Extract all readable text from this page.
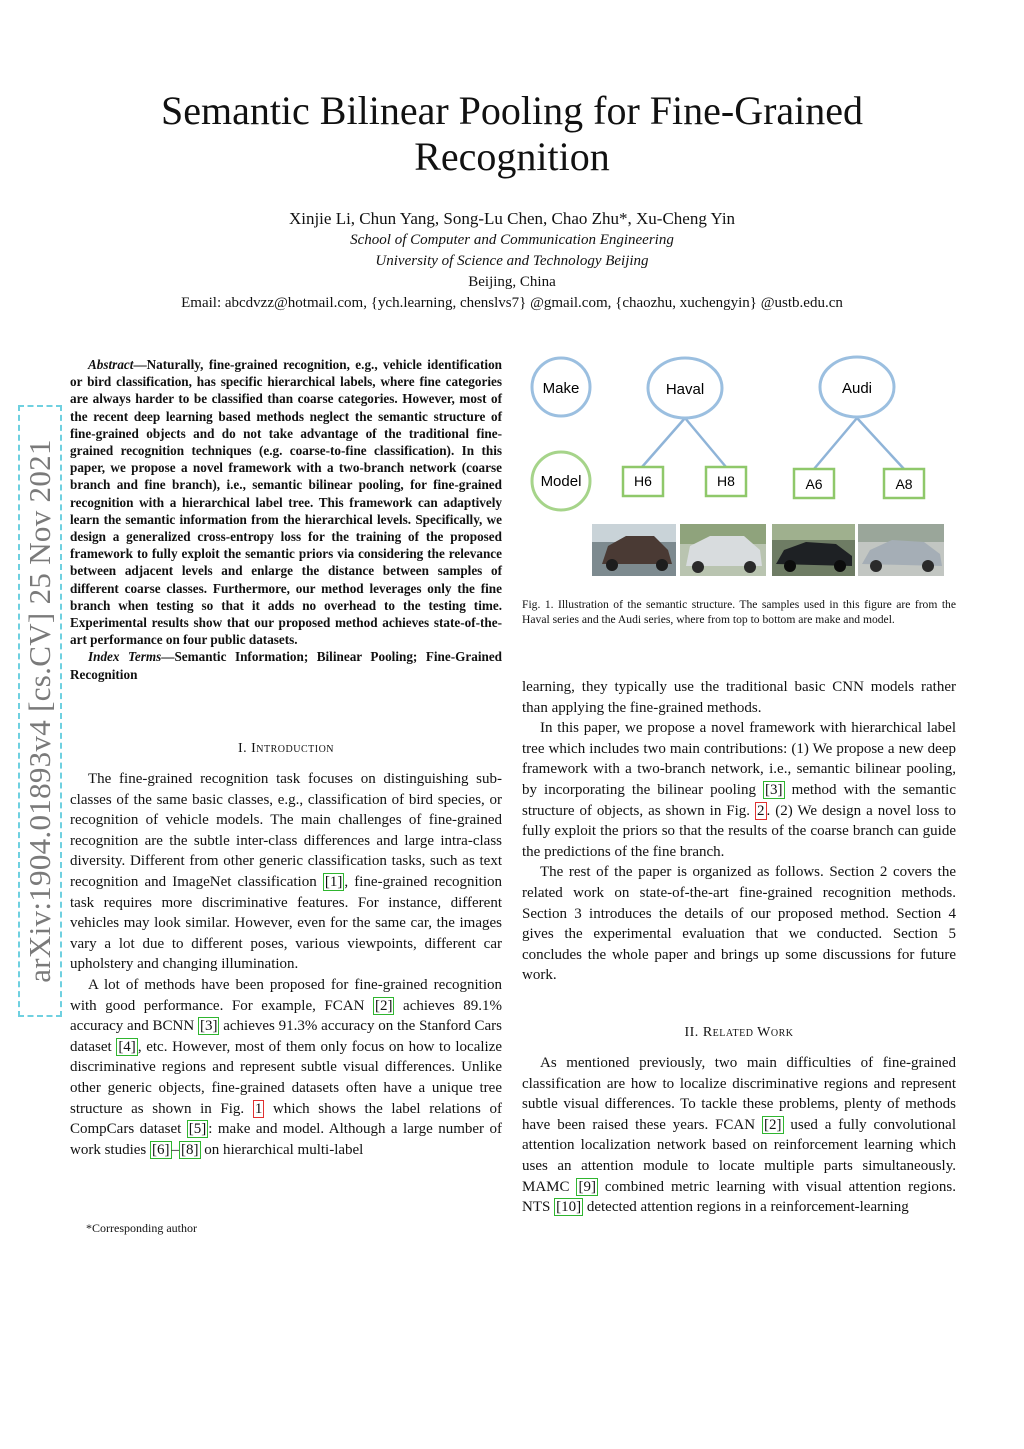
Semantic Bilinear Pooling for Fine-Grained
Recognition
Xinjie Li, Chun Yang, Song-Lu Chen, Chao Zhu*, Xu-Cheng Yin
School of Computer and Communication Engineering
University of Science and Technology Beijing
Beijing, China
Email: abcdvzz@hotmail.com, {ych.learning, chenslvs7} @gmail.com, {chaozhu, xuchengyin} @ustb.edu.cn
arXiv:1904.01893v4 [cs.CV] 25 Nov 2021

Abstract—Naturally, fine-grained recognition, e.g., vehicle identification or bird classification, has specific hierarchical labels, where fine categories are always harder to be classified than coarse categories. However, most of the recent deep learning based methods neglect the semantic structure of fine-grained objects and do not take advantage of the traditional fine-grained recognition techniques (e.g. coarse-to-fine classification). In this paper, we propose a novel framework with a two-branch network (coarse branch and fine branch), i.e., semantic bilinear pooling, for fine-grained recognition with a hierarchical label tree. This framework can adaptively learn the semantic information from the hierarchical levels. Specifically, we design a generalized cross-entropy loss for the training of the proposed framework to fully exploit the semantic priors via considering the relevance between adjacent levels and enlarge the distance between samples of different coarse classes. Furthermore, our method leverages only the fine branch when testing so that it adds no overhead to the testing time. Experimental results show that our proposed method achieves state-of-the-art performance on four public datasets.

Index Terms—Semantic Information; Bilinear Pooling; Fine-Grained Recognition

I. Introduction

The fine-grained recognition task focuses on distinguishing sub-classes of the same basic classes, e.g., classification of bird species, or recognition of vehicle models. The main challenges of fine-grained recognition are the subtle inter-class differences and large intra-class diversity. Different from other generic classification tasks, such as text recognition and ImageNet classification [1] , fine-grained recognition task requires more discriminative features. For instance, different vehicles may look similar. However, even for the same car, the images vary a lot due to different poses, various viewpoints, different car upholstery and changing illumination.

A lot of methods have been proposed for fine-grained recognition with good performance. For example, FCAN [2] achieves 89.1% accuracy and BCNN [3] achieves 91.3% accuracy on the Stanford Cars dataset [4] , etc. However, most of them only focus on how to localize discriminative regions and represent subtle visual differences. Unlike other generic objects, fine-grained datasets often have a unique tree structure as shown in Fig. 1 which shows the label relations of CompCars dataset [5] : make and model. Although a large number of work studies [6] – [8] on hierarchical multi-label

*Corresponding author
Make	Haval	Audi
Model	H6	H8	A6	A8
Fig. 1. Illustration of the semantic structure. The samples used in this figure are from the Haval series and the Audi series, where from top to bottom are make and model.

learning, they typically use the traditional basic CNN models rather than applying the fine-grained methods.

In this paper, we propose a novel framework with hierarchical label tree which includes two main contributions: (1) We propose a new deep framework with a two-branch network, i.e., semantic bilinear pooling, by incorporating the bilinear pooling [3] method with the semantic structure of objects, as shown in Fig. 2 . (2) We design a novel loss to fully exploit the priors so that the results of the coarse branch can guide the predictions of the fine branch.

The rest of the paper is organized as follows. Section 2 covers the related work on state-of-the-art fine-grained recognition methods. Section 3 introduces the details of our proposed method. Section 4 gives the experimental evaluation that we conducted. Section 5 concludes the whole paper and brings up some discussions for future work.

II. Related Work

As mentioned previously, two main difficulties of fine-grained classification are how to localize discriminative regions and represent subtle visual differences. To tackle these problems, plenty of methods have been raised these years. FCAN [2] used a fully convolutional attention localization network based on reinforcement learning which uses an attention module to locate multiple parts simultaneously. MAMC [9] combined metric learning with visual attention regions. NTS [10] detected attention regions in a reinforcement-learning
